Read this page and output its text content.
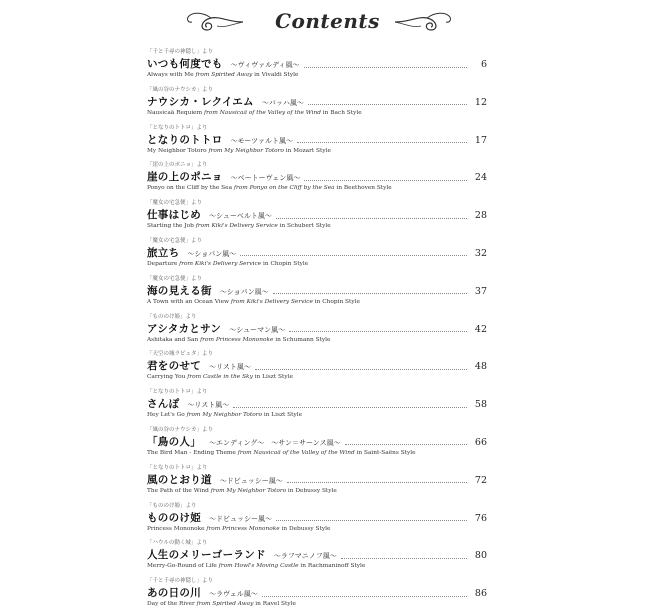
Contents
「千と千尋の神隠し」より
いつも何度でも 〜ヴィヴァルディ風〜	6
Always with Me from Spirited Away in Vivaldi Style
「風の谷のナウシカ」より
ナウシカ・レクイエム 〜バッハ風〜	12
Nausicaä Requiem from Nausicaä of the Valley of the Wind in Bach Style
「となりのトトロ」より
となりのトトロ 〜モーツァルト風〜	17
My Neighbor Totoro from My Neighbor Totoro in Mozart Style
「崖の上のポニョ」より
崖の上のポニョ 〜ベートーヴェン風〜	24
Ponyo on the Cliff by the Sea from Ponyo on the Cliff by the Sea in Beethoven Style
「魔女の宅急便」より
仕事はじめ 〜シューベルト風〜	28
Starting the Job from Kiki's Delivery Service in Schubert Style
「魔女の宅急便」より
旅立ち 〜ショパン風〜	32
Departure from Kiki's Delivery Service in Chopin Style
「魔女の宅急便」より
海の見える街 〜ショパン風〜	37
A Town with an Ocean View from Kiki's Delivery Service in Chopin Style
「もののけ姫」より
アシタカとサン 〜シューマン風〜	42
Ashitaka and San from Princess Mononoke in Schumann Style
「天空の城ラピュタ」より
君をのせて 〜リスト風〜	48
Carrying You from Castle in the Sky in Liszt Style
「となりのトトロ」より
さんぽ 〜リスト風〜	58
Hey Let's Go from My Neighbor Totoro in Liszt Style
「風の谷のナウシカ」より
「鳥の人」 〜エンディング〜　〜サン＝サーンス風〜	66
The Bird Man - Ending Theme from Nausicaä of the Valley of the Wind in Saint-Saëns Style
「となりのトトロ」より
風のとおり道 〜ドビュッシー風〜	72
The Path of the Wind from My Neighbor Totoro in Debussy Style
「もののけ姫」より
もののけ姫 〜ドビュッシー風〜	76
Princess Mononoke from Princess Mononoke in Debussy Style
「ハウルの動く城」より
人生のメリーゴーランド 〜ラフマニノフ風〜	80
Merry-Go-Round of Life from Howl's Moving Castle in Rachmaninoff Style
「千と千尋の神隠し」より
あの日の川 〜ラヴェル風〜	86
Day of the River from Spirited Away in Ravel Style
